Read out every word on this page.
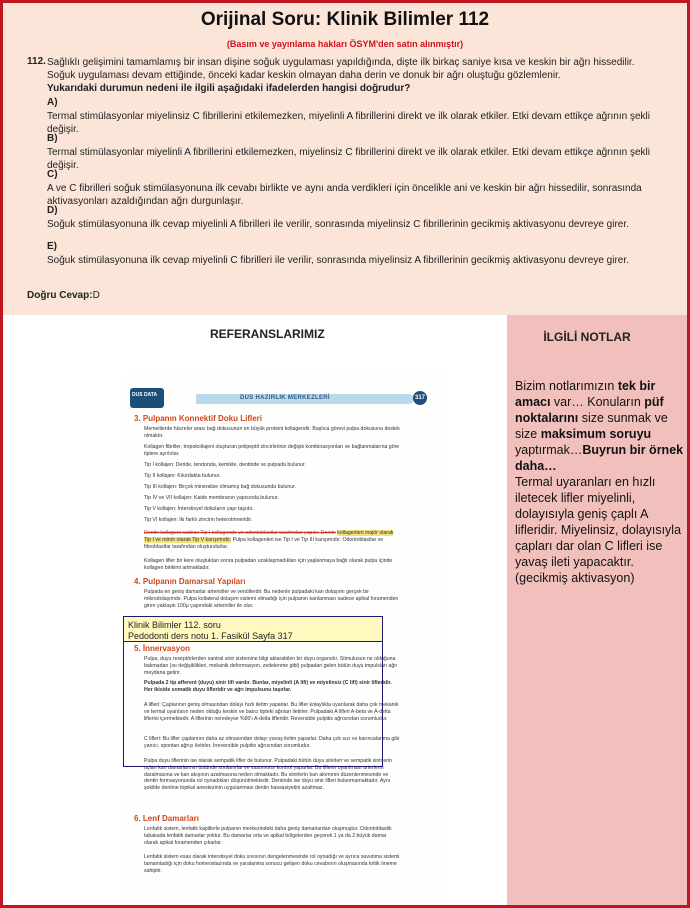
Orijinal Soru: Klinik Bilimler 112
(Basım ve yayınlama hakları ÖSYM'den satın alınmıştır)
112. Sağlıklı gelişimini tamamlamış bir insan dişine soğuk uygulaması yapıldığında, dişte ilk birkaç saniye kısa ve keskin bir ağrı hissedilir. Soğuk uygulaması devam ettiğinde, önceki kadar keskin olmayan daha derin ve donuk bir ağrı oluştuğu gözlemlenir.
Yukarıdaki durumun nedeni ile ilgili aşağıdaki ifadelerden hangisi doğrudur?
A)
Termal stimülasyonlar miyelinsiz C fibrillerini etkilemezken, miyelinli A fibrillerini direkt ve ilk olarak etkiler. Etki devam ettikçe ağrının şekli değişir.
B)
Termal stimülasyonlar miyelinli A fibrillerini etkilemezken, miyelinsiz C fibrillerini direkt ve ilk olarak etkiler. Etki devam ettikçe ağrının şekli değişir.
C)
A ve C fibrilleri soğuk stimülasyonuna ilk cevabı birlikte ve aynı anda verdikleri için öncelikle ani ve keskin bir ağrı hissedilir, sonrasında aktivasyonları azaldığından ağrı durgunlaşır.
D)
Soğuk stimülasyonuna ilk cevap miyelinli A fibrilleri ile verilir, sonrasında miyelinsiz C fibrillerinin gecikmiş aktivasyonu devreye girer.
E)
Soğuk stimülasyonuna ilk cevap miyelinli C fibrilleri ile verilir, sonrasında miyelinsiz A fibrillerinin gecikmiş aktivasyonu devreye girer.
Doğru Cevap:D
REFERANSLARIMIZ
DUS DATA	DUS HAZIRLIK MERKEZLERİ	317
3. Pulpanın Konnektif Doku Lifleri
Memelilerde hücreler arası bağ dokusunun en büyük proteini kollagendir. Başlıca görevi pulpa dokusuna destek olmaktır.
Kollagen fibriller, tropokollajeni oluşturan polipeptit zincirlerinin değişik kombinasyonları ve bağlanmalarına göre tiplere ayrılırlar.
Tip I kollajen: Deride, tendonda, kemikte, dentinde ve pulpada bulunur.
Tip II kollajen: Kıkırdakta bulunur.
Tip III kollajen: Birçok mineralize olmamış bağ dokusunda bulunur.
Tip IV ve VII kollajen: Kaide membranın yapısında bulunur.
Tip V kollajen: İnterstisyel dokuların yapı taşıdır.
Tip VI kollajen: İki farklı zincirin heterotrimeridir.
Dentin kollageni sadece Tip I kollagende ve odontoblastlar tarafından yapılır. Dentin kollagenleri majör olarak Tip I ve minör olarak Tip V karışımıdır. Pulpa kollagenleri ise Tip I ve Tip III karışımıdır. Odontoblastlar ve fibroblastlar tarafından oluşturulurlar.
Kollagen lifler bir kere oluştuktan sonra pulpadan uzaklaşmadıkları için yaşlanmaya bağlı olarak pulpa içinde kollagen birikimi artmaktadır.
4. Pulpanın Damarsal Yapıları
Pulpada en geniş damarlar arterioller ve venüllerdir. Bu nedenle pulpadaki kan dolaşımı gerçek bir mikrodolaşımdır. Pulpa kollateral dolaşım sistemi olmadığı için pulpanın kanlanması sadece apikal foramenden giren yaklaşık 100μ çapındaki arterioller ile olur.
5. İnnervasyon
Pulpa, duyu reseptörlerden santral sinir sistemine bilgi aktarabilen bir duyu organıdır. Stimulusun ne olduğuna bakmadan (ısı değişiklikleri, mekanik deformasyon, zedelenme gibi) pulpadan gelen bütün duyu impulsları ağrı meydana getirir.
Pulpada 2 tip afferent (duyu) sinir lifi vardır. Bunlar, miyelinli (A lifi) ve miyelinsiz (C lifi) sinir lifleridir. Her ikiside somatik duyu lifleridir ve ağrı impulsunu taşırlar.
A lifleri: Çaplarının geniş olmasından dolayı hızlı iletim yaparlar. Bu lifler kolaylıkla uyarılarak daha çok mekanik ve termal uyarıların neden olduğu keskin ve batıcı tipteki ağrıları iletirler. Pulpadaki A lifleri A-beta ve A-delta liflerini içermektedir. A liflerinin neredeyse %90'ı A-delta lifleridir. Reversible pulpitis ağrısından sorumludur.
C lifleri: Bu lifler çaplarının daha az olmasından dolayı yavaş iletim yaparlar. Daha çok sızı ve karıncalanma gibi yanıcı, spontan ağrıyı iletirler. İrreversible pulpitis ağrısından sorumludur.
Pulpa duyu liflerinin ise olarak sempatik lifler de bulunur. Pulpadaki bütün duyu sinirleri ve sempatik sinirlerin uçları kan damarlarının üstünde sonlanırlar ve vasomotor kontrol yaparlar. Bu liflerin uyarılması arterlerin daralmasına ve kan akışının azalmasına neden olmaktadır. Bu sinirlerin kan akımının düzenlenmesinde ve dentin formasyonunda rol oynadıkları düşünülmektedir. Dentinde ise duyu sinir lifleri bulunmamaktadır. Aynı şekilde dentine topikal anestezinin uygulanması dentin hassasiyetini azaltmaz.
6. Lenf Damarları
Lenfatik sistem, lenfatik kapillerle pulpanın merkezindeki daha geniş damarlardan oluşmuştur. Odontoblastik tabakada lenfatik damarlar yoktur. Bu damarlar orta ve apikal bölgelerden geçerek 1 ya da 2 büyük damar olarak apikal foramenden çıkarlar.
Lenfatik sistem esas olarak interstisyel doku sıvısının dengelenmesinde rol oynadığı ve ayrıca savunma sistemi tamamladığı için doku homeostazında ve yaralanma sonucu gelişen doku cevabının oluşmasında kritik öneme sahiptir.
Klinik Bilimler 112. soru
Pedodonti ders notu 1. Fasikül Sayfa 317
İLGİLİ NOTLAR
Bizim notlarımızın tek bir amacı var… Konuların püf noktalarını size sunmak ve size maksimum soruyu yaptırmak…Buyrun bir örnek daha…
Termal uyaranları en hızlı iletecek lifler miyelinli, dolayısıyla geniş çaplı A lifleridir. Miyelinsiz, dolayısıyla çapları dar olan C lifleri ise yavaş ileti yapacaktır. (gecikmiş aktivasyon)
